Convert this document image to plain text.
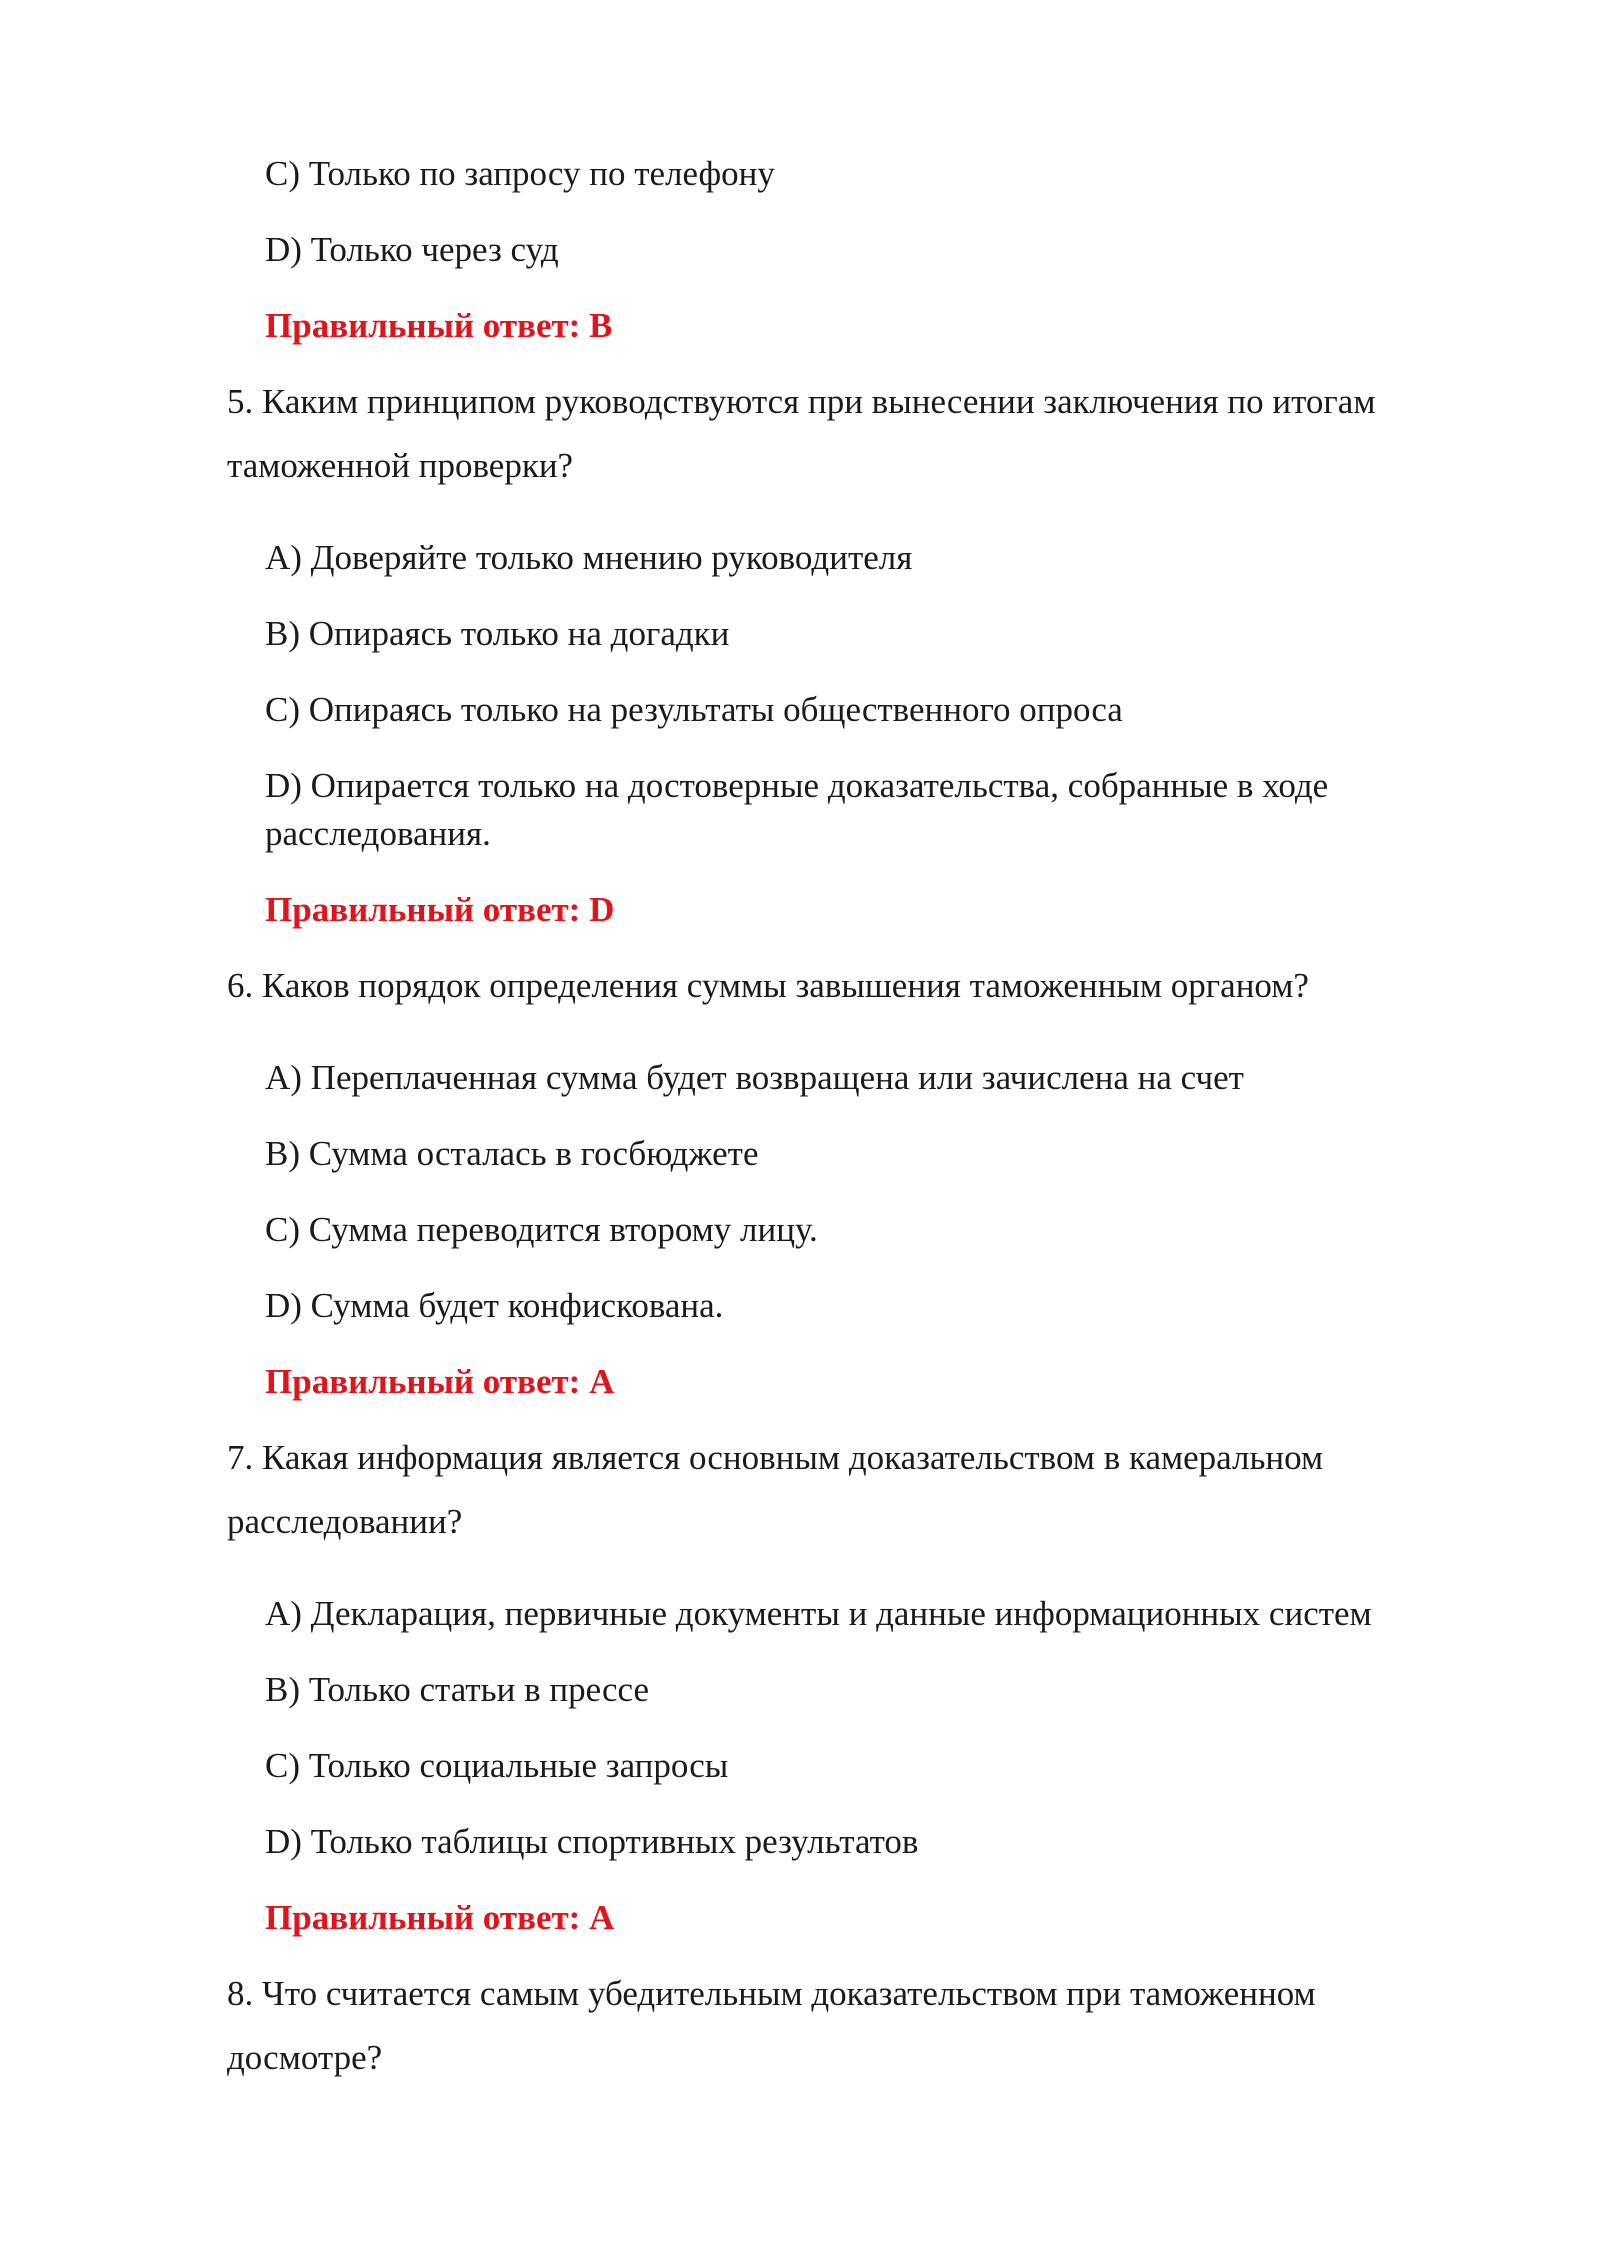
C) Только по запросу по телефону

D) Только через суд

Правильный ответ: B

5. Каким принципом руководствуются при вынесении заключения по итогам

таможенной проверки?

A) Доверяйте только мнению руководителя

B) Опираясь только на догадки

C) Опираясь только на результаты общественного опроса

D) Опирается только на достоверные доказательства, собранные в ходе

расследования.

Правильный ответ: D

6. Каков порядок определения суммы завышения таможенным органом?

A) Переплаченная сумма будет возвращена или зачислена на счет

B) Сумма осталась в госбюджете

C) Сумма переводится второму лицу.

D) Сумма будет конфискована.

Правильный ответ: A

7. Какая информация является основным доказательством в камеральном

расследовании?

A) Декларация, первичные документы и данные информационных систем

B) Только статьи в прессе

C) Только социальные запросы

D) Только таблицы спортивных результатов

Правильный ответ: A

8. Что считается самым убедительным доказательством при таможенном

досмотре?
